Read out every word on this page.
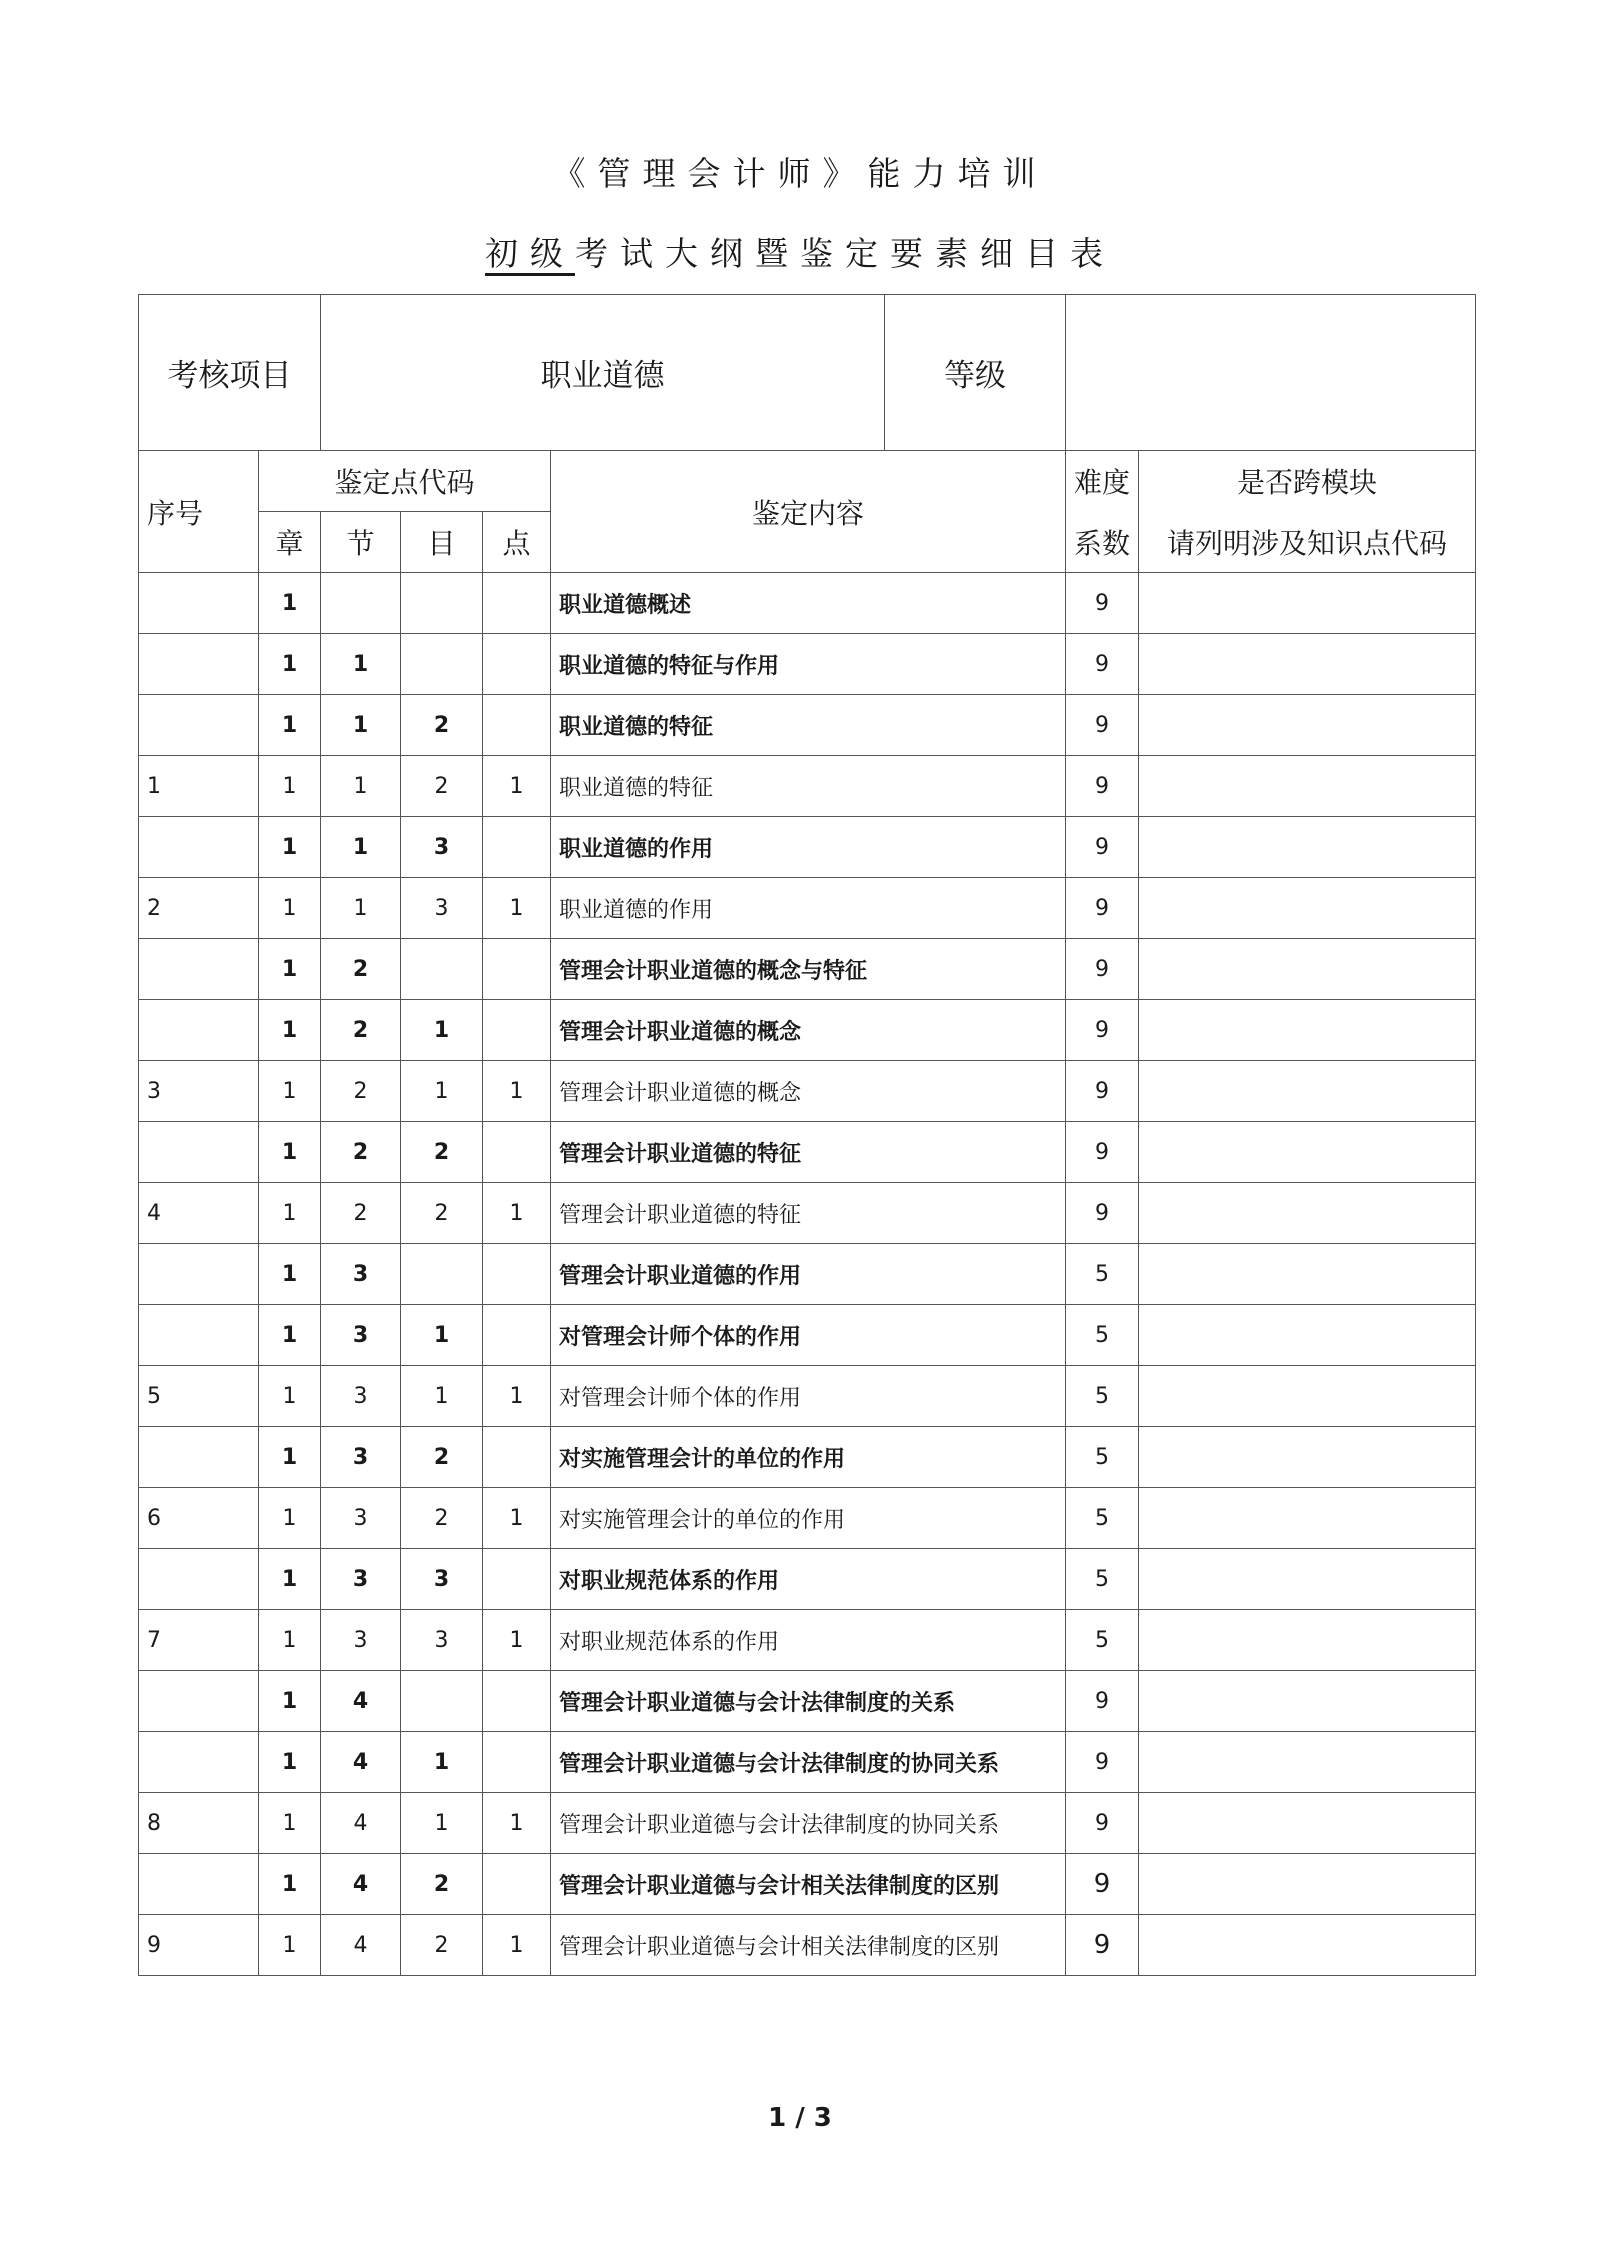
《管理会计师》能力培训
初级考试大纲暨鉴定要素细目表
考核项目		职业道德 等级					

序号	鉴定点代码				鉴定内容	难度	是否跨模块
	章	节	目	点		系数	请列明涉及知识点代码
	1				职业道德概述	9	
	1	1			职业道德的特征与作用	9	
	1	1	2		职业道德的特征	9	
1	1	1	2	1	职业道德的特征	9	
	1	1	3		职业道德的作用	9	
2	1	1	3	1	职业道德的作用	9	
	1	2			管理会计职业道德的概念与特征	9	
	1	2	1		管理会计职业道德的概念	9	
3	1	2	1	1	管理会计职业道德的概念	9	
	1	2	2		管理会计职业道德的特征	9	
4	1	2	2	1	管理会计职业道德的特征	9	
	1	3			管理会计职业道德的作用	5	
	1	3	1		对管理会计师个体的作用	5	
5	1	3	1	1	对管理会计师个体的作用	5	
	1	3	2		对实施管理会计的单位的作用	5	
6	1	3	2	1	对实施管理会计的单位的作用	5	
	1	3	3		对职业规范体系的作用	5	
7	1	3	3	1	对职业规范体系的作用	5	
	1	4			管理会计职业道德与会计法律制度的关系	9	
	1	4	1		管理会计职业道德与会计法律制度的协同关系	9	
8	1	4	1	1	管理会计职业道德与会计法律制度的协同关系	9	
	1	4	2		管理会计职业道德与会计相关法律制度的区别	9	
9	1	4	2	1	管理会计职业道德与会计相关法律制度的区别	9	
1 / 3
